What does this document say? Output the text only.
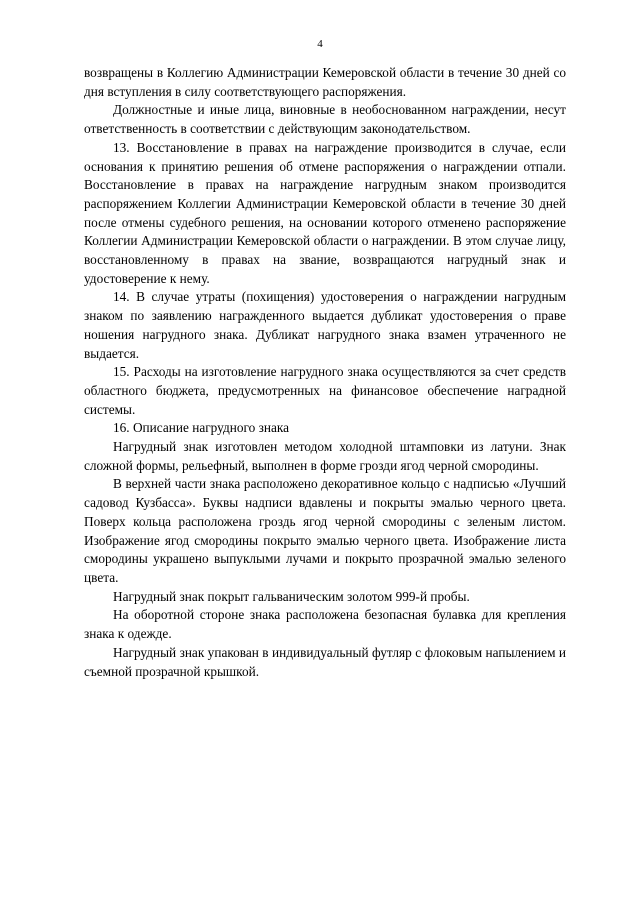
4

возвращены в Коллегию Администрации Кемеровской области в течение 30 дней со дня вступления в силу соответствующего распоряжения.

Должностные и иные лица, виновные в необоснованном награждении, несут ответственность в соответствии с действующим законодательством.

13. Восстановление в правах на награждение производится в случае, если основания к принятию решения об отмене распоряжения о награждении отпали. Восстановление в правах на награждение нагрудным знаком производится распоряжением Коллегии Администрации Кемеровской области в течение 30 дней после отмены судебного решения, на основании которого отменено распоряжение Коллегии Администрации Кемеровской области о награждении. В этом случае лицу, восстановленному в правах на звание, возвращаются нагрудный знак и удостоверение к нему.

14. В случае утраты (похищения) удостоверения о награждении нагрудным знаком по заявлению награжденного выдается дубликат удостоверения о праве ношения нагрудного знака. Дубликат нагрудного знака взамен утраченного не выдается.

15. Расходы на изготовление нагрудного знака осуществляются за счет средств областного бюджета, предусмотренных на финансовое обеспечение наградной системы.

16. Описание нагрудного знака

Нагрудный знак изготовлен методом холодной штамповки из латуни. Знак сложной формы, рельефный, выполнен в форме грозди ягод черной смородины.

В верхней части знака расположено декоративное кольцо с надписью «Лучший садовод Кузбасса». Буквы надписи вдавлены и покрыты эмалью черного цвета. Поверх кольца расположена гроздь ягод черной смородины с зеленым листом. Изображение ягод смородины покрыто эмалью черного цвета. Изображение листа смородины украшено выпуклыми лучами и покрыто прозрачной эмалью зеленого цвета.

Нагрудный знак покрыт гальваническим золотом 999-й пробы.

На оборотной стороне знака расположена безопасная булавка для крепления знака к одежде.

Нагрудный знак упакован в индивидуальный футляр с флоковым напылением и съемной прозрачной крышкой.
